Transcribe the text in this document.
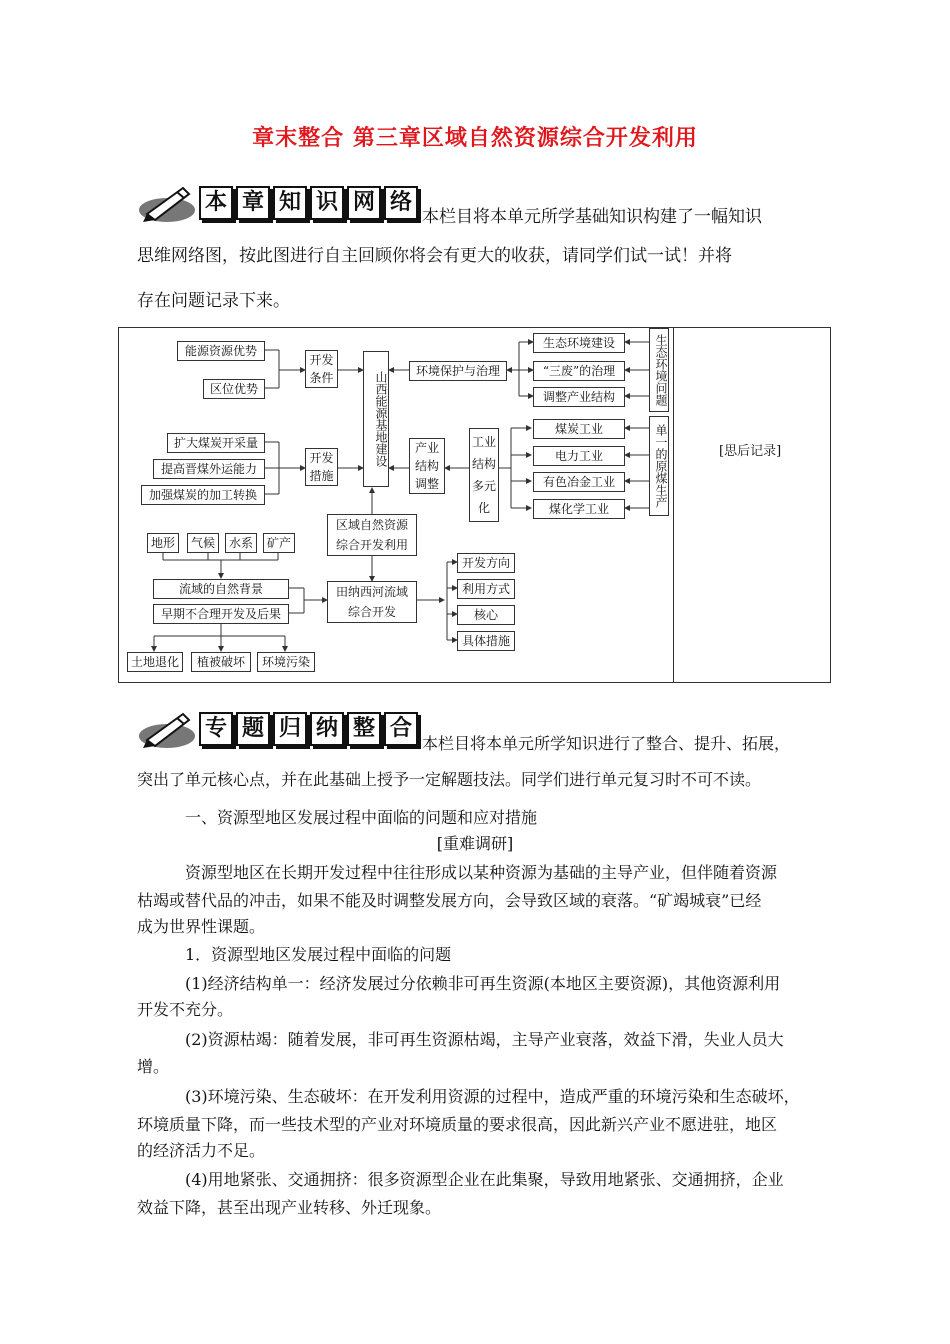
章末整合 第三章区域自然资源综合开发利用
本 章 知 识 网 络
本栏目将本单元所学基础知识构建了一幅知识
思维网络图，按此图进行自主回顾你将会有更大的收获，请同学们试一试！并将
存在问题记录下来。
能源资源优势
区位优势
开发条件
扩大煤炭开采量
提高晋煤外运能力
加强煤炭的加工转换
开发措施
山西能源基地建设	环境保护与治理
生态环境建设
“三废”的治理
调整产业结构	生态环境问题
产业结构调整
工业结构多元化
煤炭工业
电力工业
有色冶金工业
煤化学工业
单一的原煤生产
区域自然资源综合开发利用
地形	气候	水系	矿产
流域的自然背景
早期不合理开发及后果
田纳西河流域综合开发
开发方向
利用方式
核心
具体措施
土地退化	植被破坏	环境污染
[思后记录]
专 题 归 纳 整 合
本栏目将本单元所学知识进行了整合、提升、拓展，
突出了单元核心点，并在此基础上授予一定解题技法。同学们进行单元复习时不可不读。
一、资源型地区发展过程中面临的问题和应对措施
[重难调研]
资源型地区在长期开发过程中往往形成以某种资源为基础的主导产业，但伴随着资源
枯竭或替代品的冲击，如果不能及时调整发展方向，会导致区域的衰落。“矿竭城衰”已经
成为世界性课题。
1．资源型地区发展过程中面临的问题
(1)经济结构单一：经济发展过分依赖非可再生资源(本地区主要资源)，其他资源利用
开发不充分。
(2)资源枯竭：随着发展，非可再生资源枯竭，主导产业衰落，效益下滑，失业人员大
增。
(3)环境污染、生态破坏：在开发利用资源的过程中，造成严重的环境污染和生态破坏，
环境质量下降，而一些技术型的产业对环境质量的要求很高，因此新兴产业不愿进驻，地区
的经济活力不足。
(4)用地紧张、交通拥挤：很多资源型企业在此集聚，导致用地紧张、交通拥挤，企业
效益下降，甚至出现产业转移、外迁现象。
